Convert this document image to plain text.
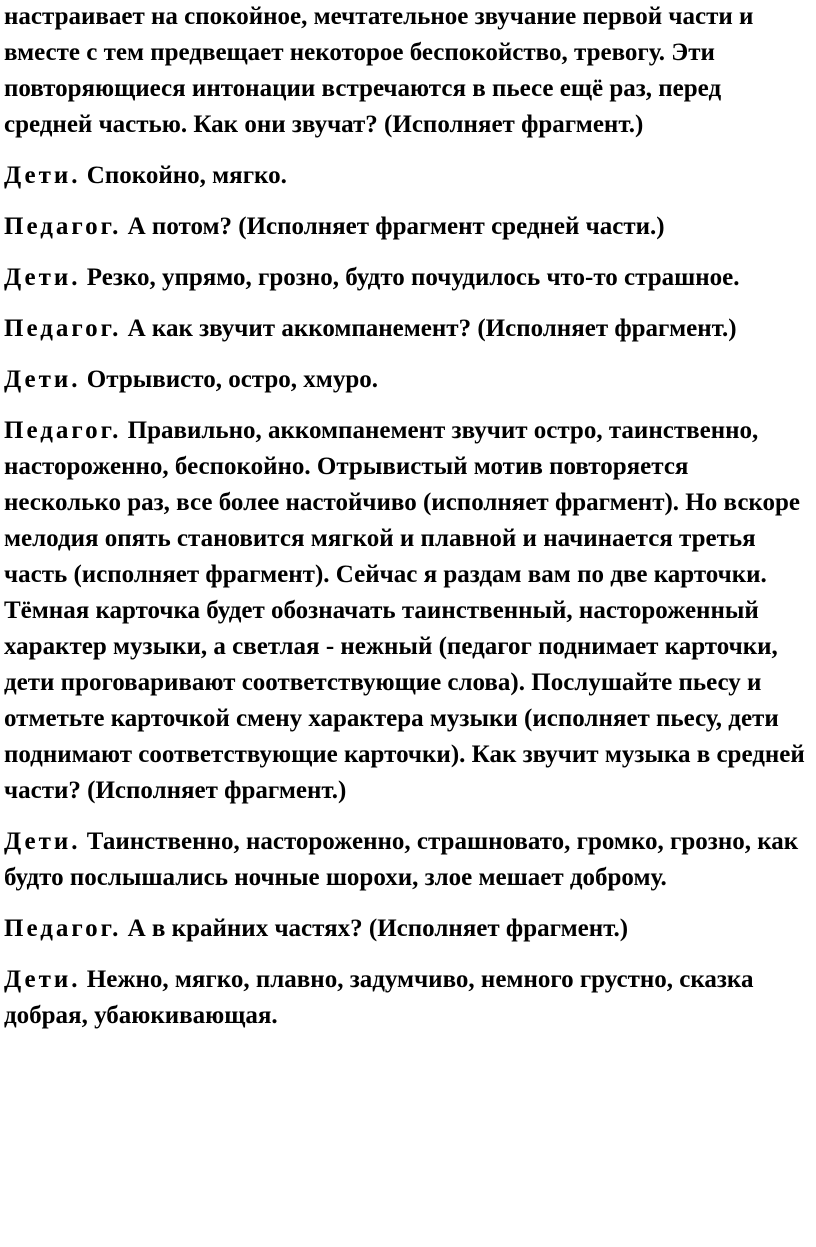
настраивает на спокойное, мечтательное звучание первой части и вместе с тем предвещает некоторое беспокойство, тревогу. Эти повторяющиеся интонации встречаются в пьесе ещё раз, перед средней частью. Как они звучат? (Исполняет фрагмент.)

Дети. Спокойно, мягко.

Педагог. А потом? (Исполняет фрагмент средней части.)

Дети. Резко, упрямо, грозно, будто почудилось что-то страшное.

Педагог. А как звучит аккомпанемент? (Исполняет фрагмент.)

Дети. Отрывисто, остро, хмуро.

Педагог. Правильно, аккомпанемент звучит остро, таинственно, настороженно, беспокойно. Отрывистый мотив повторяется несколько раз, все более настойчиво (исполняет фрагмент). Но вскоре мелодия опять становится мягкой и плавной и начинается третья часть (исполняет фрагмент). Сейчас я раздам вам по две карточки. Тёмная карточка будет обозначать таинственный, настороженный характер музыки, а светлая - нежный (педагог поднимает карточки, дети проговаривают соответствующие слова). Послушайте пьесу и отметьте карточкой смену характера музыки (исполняет пьесу, дети поднимают соответствующие карточки). Как звучит музыка в средней части? (Исполняет фрагмент.)

Дети. Таинственно, настороженно, страшновато, громко, грозно, как будто послышались ночные шорохи, злое мешает доброму.

Педагог. А в крайних частях? (Исполняет фрагмент.)

Дети. Нежно, мягко, плавно, задумчиво, немного грустно, сказка добрая, убаюкивающая.
